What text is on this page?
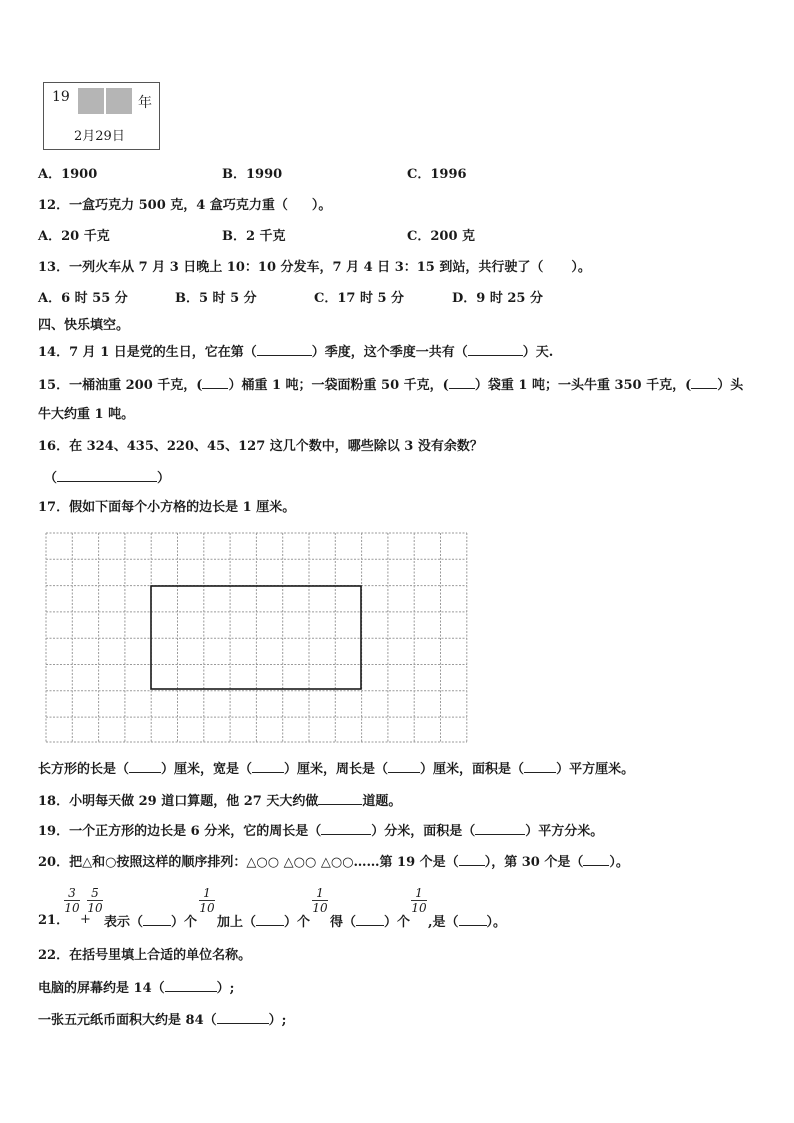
19	年
2月29日
A．1900	B．1990	C．1996
12．一盒巧克力 500 克，4 盒巧克力重（ ）。
A．20 千克	B．2 千克	C．200 克
13．一列火车从 7 月 3 日晚上 10：10 分发车，7 月 4 日 3：15 到站，共行驶了（ ）。
A．6 时 55 分	B．5 时 5 分	C．17 时 5 分	D．9 时 25 分
四、快乐填空。
14．7 月 1 日是党的生日，它在第（	）季度，这个季度一共有（	）天.
15．一桶油重 200 千克，( ）桶重 1 吨；一袋面粉重 50 千克，( ）袋重 1 吨；一头牛重 350 千克，( ）头
牛大约重 1 吨。
16．在 324、435、220、45、127 这几个数中，哪些除以 3 没有余数？
（	）
17．假如下面每个小方格的边长是 1 厘米。
长方形的长是（ ）厘米，宽是（ ）厘米，周长是（ ）厘米，面积是（ ）平方厘米。
18．小明每天做 29 道口算题，他 27 天大约做	道题。
19．一个正方形的边长是 6 分米，它的周长是（	）分米，面积是（	）平方分米。
20．把△和○按照这样的顺序排列：△○○ △○○ △○○……第 19 个是（ ），第 30 个是（ ）。
21．
3
10
+
5
10
表示（ ）个
1
10
加上（ ）个
1
10
得（ ）个
1
10
,是（ ）。
22．在括号里填上合适的单位名称。
电脑的屏幕约是 14（	）;
一张五元纸币面积大约是 84（	）;
